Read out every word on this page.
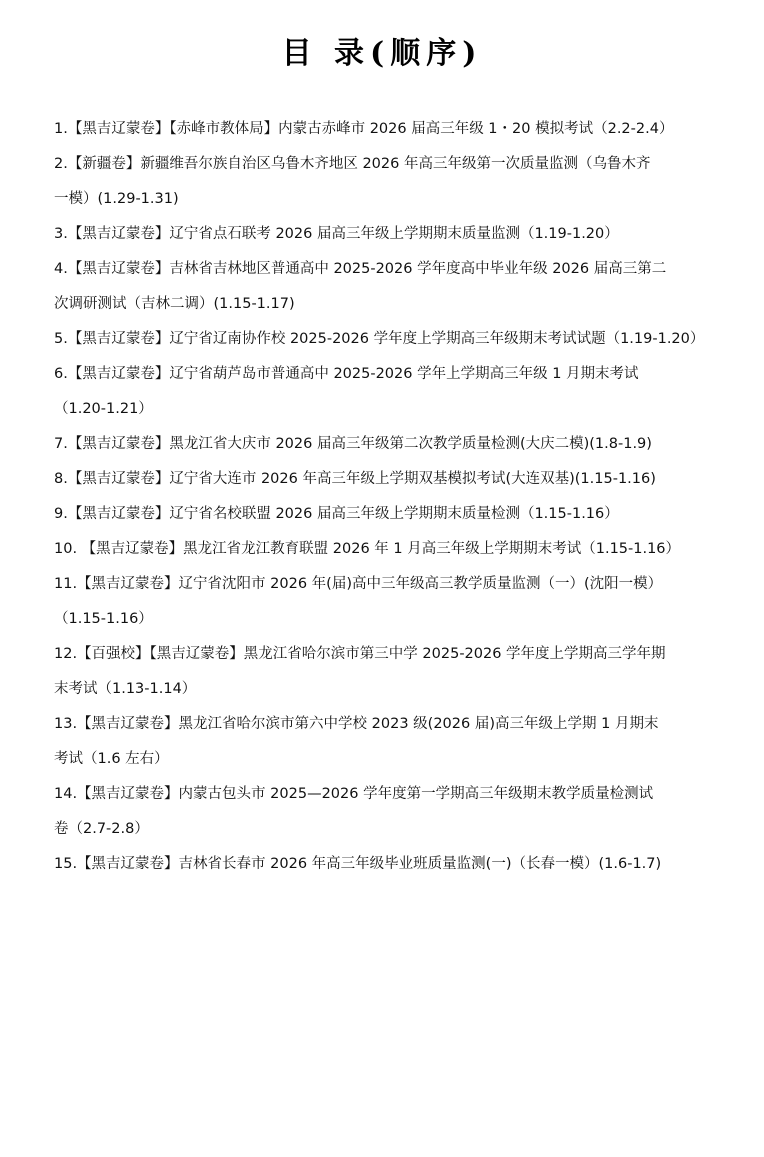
目 录(顺序)
1.【黑吉辽蒙卷】【赤峰市教体局】内蒙古赤峰市 2026 届高三年级 1・20 模拟考试（2.2-2.4）
2.【新疆卷】新疆维吾尔族自治区乌鲁木齐地区 2026 年高三年级第一次质量监测（乌鲁木齐
一模）(1.29-1.31)
3.【黑吉辽蒙卷】辽宁省点石联考 2026 届高三年级上学期期末质量监测（1.19-1.20）
4.【黑吉辽蒙卷】吉林省吉林地区普通高中 2025-2026 学年度高中毕业年级 2026 届高三第二
次调研测试（吉林二调）(1.15-1.17)
5.【黑吉辽蒙卷】辽宁省辽南协作校 2025-2026 学年度上学期高三年级期末考试试题（1.19-1.20）
6.【黑吉辽蒙卷】辽宁省葫芦岛市普通高中 2025-2026 学年上学期高三年级 1 月期末考试
（1.20-1.21）
7.【黑吉辽蒙卷】黑龙江省大庆市 2026 届高三年级第二次教学质量检测(大庆二模)(1.8-1.9)
8.【黑吉辽蒙卷】辽宁省大连市 2026 年高三年级上学期双基模拟考试(大连双基)(1.15-1.16)
9.【黑吉辽蒙卷】辽宁省名校联盟 2026 届高三年级上学期期末质量检测（1.15-1.16）
10. 【黑吉辽蒙卷】黑龙江省龙江教育联盟 2026 年 1 月高三年级上学期期末考试（1.15-1.16）
11.【黑吉辽蒙卷】辽宁省沈阳市 2026 年(届)高中三年级高三教学质量监测（一）(沈阳一模）
（1.15-1.16）
12.【百强校】【黑吉辽蒙卷】黑龙江省哈尔滨市第三中学 2025-2026 学年度上学期高三学年期
末考试（1.13-1.14）
13.【黑吉辽蒙卷】黑龙江省哈尔滨市第六中学校 2023 级(2026 届)高三年级上学期 1 月期末
考试（1.6 左右）
14.【黑吉辽蒙卷】内蒙古包头市 2025—2026 学年度第一学期高三年级期末教学质量检测试
卷（2.7-2.8）
15.【黑吉辽蒙卷】吉林省长春市 2026 年高三年级毕业班质量监测(一)（长春一模）(1.6-1.7)
